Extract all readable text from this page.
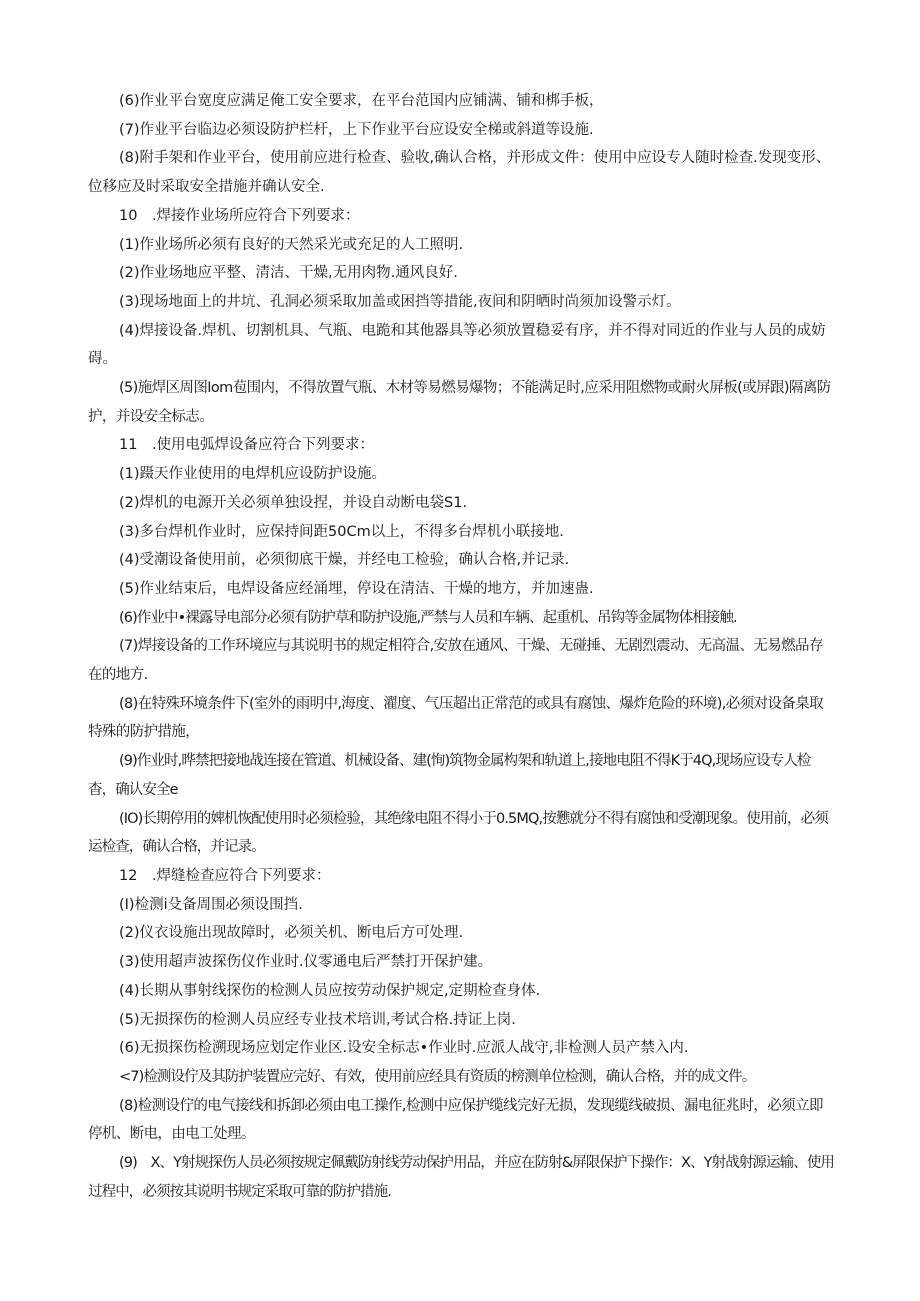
(6)作业平台宽度应满足俺工安全要求，在平台范国内应铺满、铺和梆手板，

(7)作业平台临边必须设防护栏杆，上下作业平台应设安全梯或斜道等设施.

(8)附手架和作业平台，使用前应进行检查、验收,确认合格，并形成文件：使用中应设专人随时检查.发现变形、位移应及时采取安全措施并确认安全.

10　.焊接作业场所应符合下列要求：

(1)作业场所必须有良好的天然采光或充足的人工照明.

(2)作业场地应平整、清洁、干燥,无用肉物.通风良好.

(3)现场地面上的井坑、孔洞必须采取加盖或困挡等措能,夜间和阴晒时尚须加设警示灯。

(4)焊接设备.焊机、切割机具、气瓶、电跪和其他器具等必须放置稳妥有序，并不得对同近的作业与人员的成妨碍。

(5)施焊区周图Iom苞围内，不得放置气瓶、木材等易燃易爆物；不能满足时,应采用阻燃物或耐火屏板(或屏跟)隔离防护，并设安全标志。

11　.使用电弧焊设备应符合下列要求：

(1)蹑天作业使用的电焊机应设防护设施。

(2)焊机的电源开关必须单独设捏，并设自动断电袋S1.

(3)多台焊机作业时，应保持间距50Cm以上，不得多台焊机小联接地.

(4)受潮设备使用前，必须彻底干燥，并经电工检验，确认合格,并记录.

(5)作业结束后，电焊设备应经涌埋，停设在清洁、干燥的地方，并加速蛊.

(6)作业中•裸露导电部分必须有防护草和防护设施,严禁与人员和车辆、起重机、吊钩等金属物体相接触.

(7)焊接设备的工作环境应与其说明书的规定相符合,安放在通风、干燥、无碰捶、无剧烈震动、无高温、无易燃品存在的地方.

(8)在特殊环境条件下(室外的雨明中,海度、濯度、气压超出正常范的或具有腐蚀、爆炸危险的环境),必须对设备臬取特殊的防护措施，

(9)作业时,晔禁把接地战连接在管道、机械设备、建(恂)筑物金属构架和轨道上,接地电阻不得K于4Q,现场应设专人检杳，确认安全e

(IO)长期停用的婢机恢配使用时必须检验，其绝缘电阻不得小于0.5MQ,按戁就分不得有腐蚀和受潮现象。使用前，必须运检查，确认合格，并记录。

12　.焊缝检查应符合下列要求：

(I)检测i殳备周围必须设围挡.

(2)仪衣设施出现故障时，必须关机、断电后方可处理.

(3)使用超声波探伤仪作业时.仪零通电后严禁打开保护建。

(4)长期从事射线探伤的检测人员应按劳动保护规定,定期检查身体.

(5)无损探伤的检测人员应经专业技术培训,考试合格.持证上岗.

(6)无损探伤检溯现场应划定作业区.设安全标志•作业时.应派人战守,非检测人员产禁入内.

<7)检测设佇及其防护装置应完好、有效，使用前应经具有资质的榜测单位检测，确认合格，并的成文件。

(8)检测设佇的电气接线和拆卸必须由电工操作,检测中应保护缆线完好无损，发现缆线破损、漏电征兆时，必须立即停机、断电，由电工处理。

(9)　X、Y射规探伤人员必须按规定佩戴防射线劳动保护用品，并应在防射&屏限保护下操作：X、Y射战射源运输、使用过程中，必须按其说明书规定采取可靠的防护措施.
